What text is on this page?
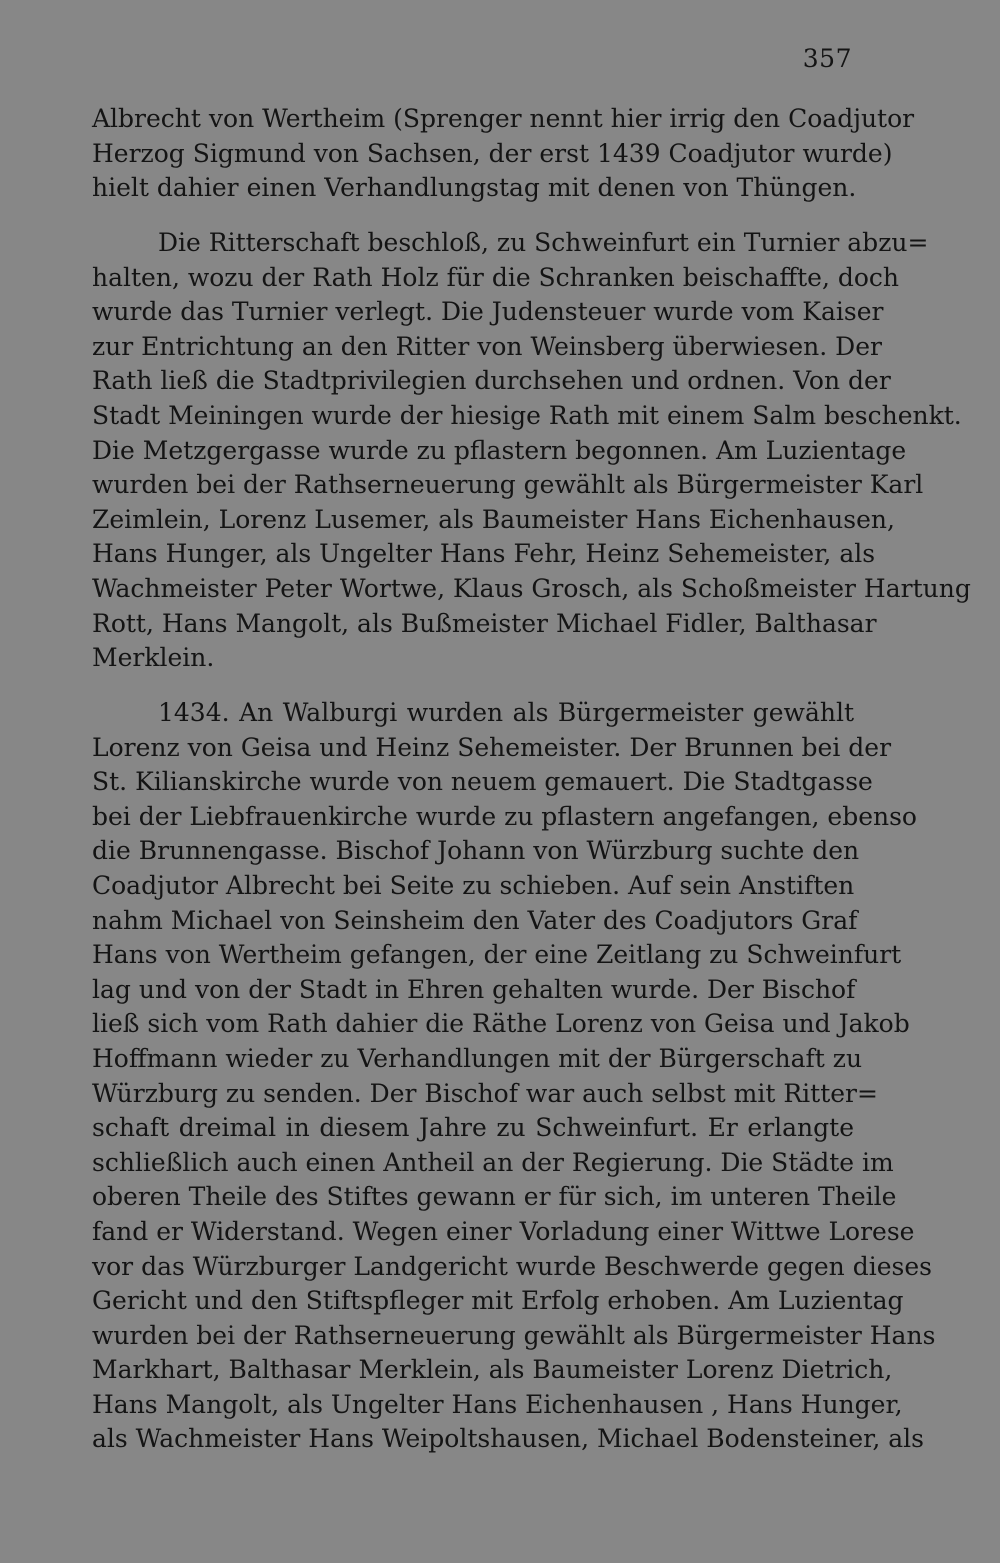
357
Albrecht von Wertheim (Sprenger nennt hier irrig den Coadjutor
Herzog Sigmund von Sachsen, der erst 1439 Coadjutor wurde)
hielt dahier einen Verhandlungstag mit denen von Thüngen.
Die Ritterschaft beschloß, zu Schweinfurt ein Turnier abzu=
halten, wozu der Rath Holz für die Schranken beischaffte, doch
wurde das Turnier verlegt. Die Judensteuer wurde vom Kaiser
zur Entrichtung an den Ritter von Weinsberg überwiesen. Der
Rath ließ die Stadtprivilegien durchsehen und ordnen. Von der
Stadt Meiningen wurde der hiesige Rath mit einem Salm beschenkt.
Die Metzgergasse wurde zu pflastern begonnen. Am Luzientage
wurden bei der Rathserneuerung gewählt als Bürgermeister Karl
Zeimlein, Lorenz Lusemer, als Baumeister Hans Eichenhausen,
Hans Hunger, als Ungelter Hans Fehr, Heinz Sehemeister, als
Wachmeister Peter Wortwe, Klaus Grosch, als Schoßmeister Hartung
Rott, Hans Mangolt, als Bußmeister Michael Fidler, Balthasar
Merklein.
1434. An Walburgi wurden als Bürgermeister gewählt
Lorenz von Geisa und Heinz Sehemeister. Der Brunnen bei der
St. Kilianskirche wurde von neuem gemauert. Die Stadtgasse
bei der Liebfrauenkirche wurde zu pflastern angefangen, ebenso
die Brunnengasse. Bischof Johann von Würzburg suchte den
Coadjutor Albrecht bei Seite zu schieben. Auf sein Anstiften
nahm Michael von Seinsheim den Vater des Coadjutors Graf
Hans von Wertheim gefangen, der eine Zeitlang zu Schweinfurt
lag und von der Stadt in Ehren gehalten wurde. Der Bischof
ließ sich vom Rath dahier die Räthe Lorenz von Geisa und Jakob
Hoffmann wieder zu Verhandlungen mit der Bürgerschaft zu
Würzburg zu senden. Der Bischof war auch selbst mit Ritter=
schaft dreimal in diesem Jahre zu Schweinfurt. Er erlangte
schließlich auch einen Antheil an der Regierung. Die Städte im
oberen Theile des Stiftes gewann er für sich, im unteren Theile
fand er Widerstand. Wegen einer Vorladung einer Wittwe Lorese
vor das Würzburger Landgericht wurde Beschwerde gegen dieses
Gericht und den Stiftspfleger mit Erfolg erhoben. Am Luzientag
wurden bei der Rathserneuerung gewählt als Bürgermeister Hans
Markhart, Balthasar Merklein, als Baumeister Lorenz Dietrich,
Hans Mangolt, als Ungelter Hans Eichenhausen , Hans Hunger,
als Wachmeister Hans Weipoltshausen, Michael Bodensteiner, als
